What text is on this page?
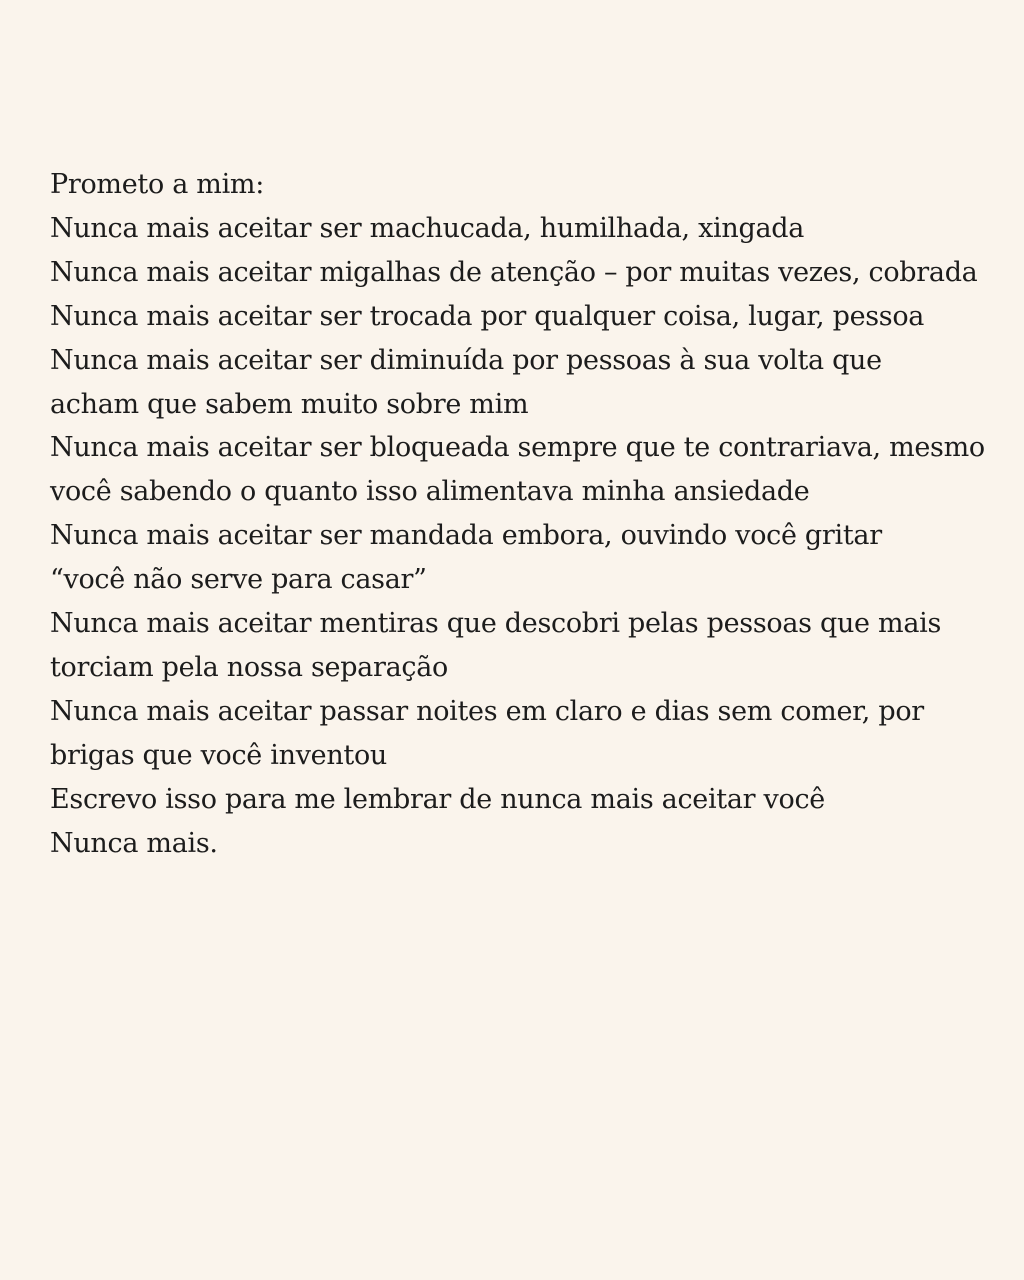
Prometo a mim:
Nunca mais aceitar ser machucada, humilhada, xingada
Nunca mais aceitar migalhas de atenção – por muitas vezes, cobrada
Nunca mais aceitar ser trocada por qualquer coisa, lugar, pessoa
Nunca mais aceitar ser diminuída por pessoas à sua volta que
acham que sabem muito sobre mim
Nunca mais aceitar ser bloqueada sempre que te contrariava, mesmo
você sabendo o quanto isso alimentava minha ansiedade
Nunca mais aceitar ser mandada embora, ouvindo você gritar
“você não serve para casar”
Nunca mais aceitar mentiras que descobri pelas pessoas que mais
torciam pela nossa separação
Nunca mais aceitar passar noites em claro e dias sem comer, por
brigas que você inventou
Escrevo isso para me lembrar de nunca mais aceitar você
Nunca mais.
